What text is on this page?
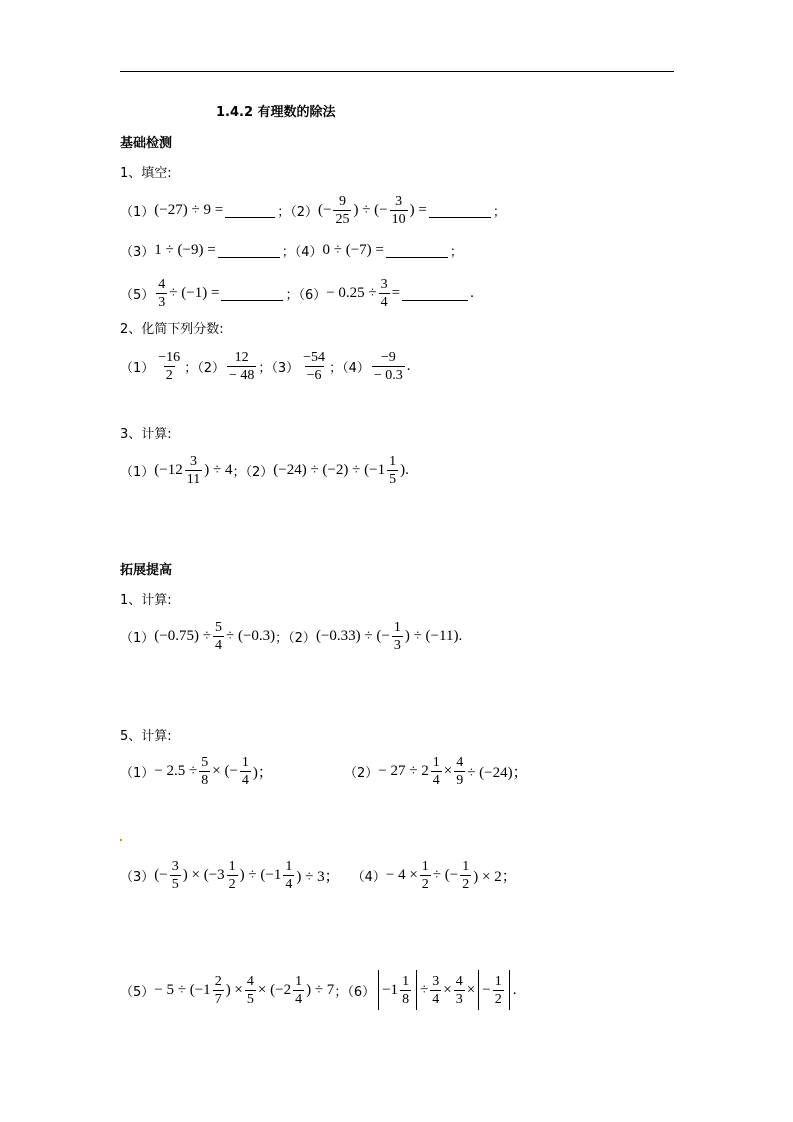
1.4.2 有理数的除法
基础检测
1、填空:
（1） (−27) ÷ 9 =	；（2） (− $\frac{9}{25}$ ) ÷ (− $\frac{3}{10}$ ) =	；
（3） 1 ÷ (−9) =	；（4） 0 ÷ (−7) =	；
$(5) \frac{4}{3} \div (-1)$ =	；$(6) - 0.25 \div \frac{3}{4}$ =	.
2、化简下列分数:
$(1) \frac{-16}{2}$ ；$(2) \frac{12}{- 48}$ ；$(3) \frac{-54}{-6}$ ；$(4) \frac{-9}{- 0.3}$ .
3、计算:
（1） ($-12 \frac{3}{11}$ ) ÷ 4 ；（2） $(-24) \div (-2) \div (-1 \frac{1}{5}$ ).
拓展提高
1、计算:
（1） $(-0.75) \div \frac{5}{4} \div (-0.3)$ ；（2） (−0.33) ÷ (− $\frac{1}{3}$ ) ÷ (−11).
5、计算:
$(1) - 2.5 \div \frac{5}{8}$ × (− $\frac{1}{4}$ )；	$(2) - 27 \div 2 \frac{1}{4} \times \frac{4}{9} \div (-24)$；
（3） (− $\frac{3}{5}$ ) × ($-3 \frac{1}{2}$ ) ÷ ($-1 \frac{1}{4}$ ) ÷ 3； $(4) - 4 \times \frac{1}{2}$ ÷ (− $\frac{1}{2}$ ) × 2；
$(5) - 5 \div (-1 \frac{2}{7}$ ) × $\frac{4}{5} \times (-2 \frac{1}{4}$ ) ÷ 7 ；$(6) -1 \frac{1}{8} \div \frac{3}{4} \times \frac{4}{3}$ × − $\frac{1}{2}$ .
